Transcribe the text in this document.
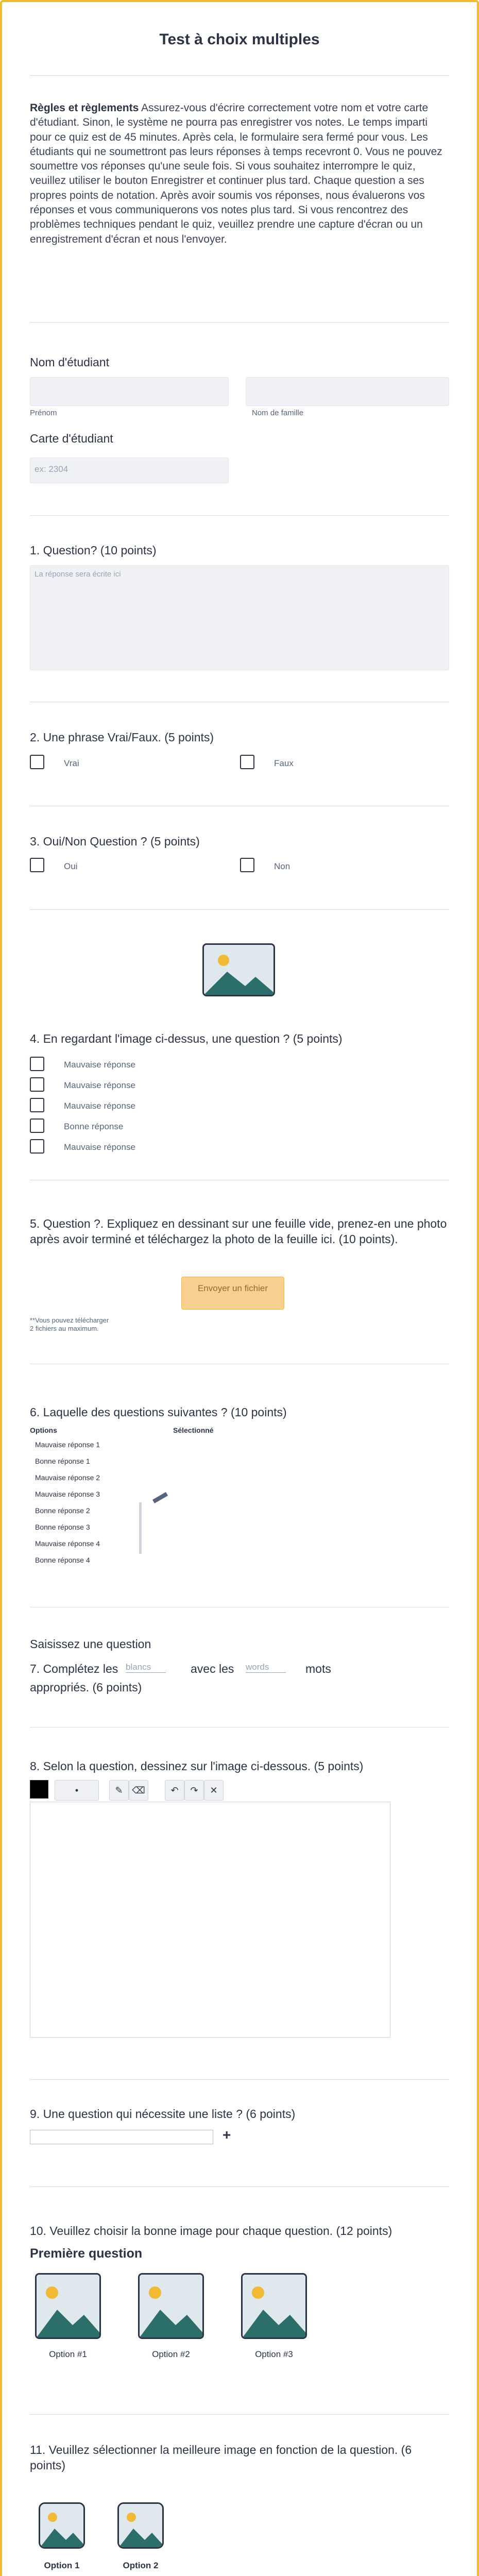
Test à choix multiples
Règles et règlements Assurez-vous d'écrire correctement votre nom et votre carte d'étudiant. Sinon, le système ne pourra pas enregistrer vos notes. Le temps imparti pour ce quiz est de 45 minutes. Après cela, le formulaire sera fermé pour vous. Les étudiants qui ne soumettront pas leurs réponses à temps recevront 0. Vous ne pouvez soumettre vos réponses qu'une seule fois. Si vous souhaitez interrompre le quiz, veuillez utiliser le bouton Enregistrer et continuer plus tard. Chaque question a ses propres points de notation. Après avoir soumis vos réponses, nous évaluerons vos réponses et vous communiquerons vos notes plus tard. Si vous rencontrez des problèmes techniques pendant le quiz, veuillez prendre une capture d'écran ou un enregistrement d'écran et nous l'envoyer.
Nom d'étudiant
Prénom	Nom de famille
Carte d'étudiant
ex: 2304
1. Question? (10 points)
La réponse sera écrite ici
2. Une phrase Vrai/Faux. (5 points)
Vrai	Faux
3. Oui/Non Question ? (5 points)
Oui	Non
4. En regardant l'image ci-dessus, une question ? (5 points)
Mauvaise réponse
Mauvaise réponse
Mauvaise réponse
Bonne réponse
Mauvaise réponse
5. Question ?. Expliquez en dessinant sur une feuille vide, prenez-en une photo après avoir terminé et téléchargez la photo de la feuille ici. (10 points).
Envoyer un fichier
**Vous pouvez télécharger 2 fichiers au maximum.
6. Laquelle des questions suivantes ? (10 points)
Options	Sélectionné
Mauvaise réponse 1
Bonne réponse 1
Mauvaise réponse 2
Mauvaise réponse 3
Bonne réponse 2
Bonne réponse 3
Mauvaise réponse 4
Bonne réponse 4
Saisissez une question
7. Complétez les blancs	avec les words	mots
appropriés. (6 points)
8. Selon la question, dessinez sur l'image ci-dessous. (5 points)
•	✎ ⌫	↶	↷	✕
9. Une question qui nécessite une liste ? (6 points)
+
10. Veuillez choisir la bonne image pour chaque question. (12 points)
Première question
Option #1	Option #2	Option #3
11. Veuillez sélectionner la meilleure image en fonction de la question. (6 points)
Option 1	Option 2
